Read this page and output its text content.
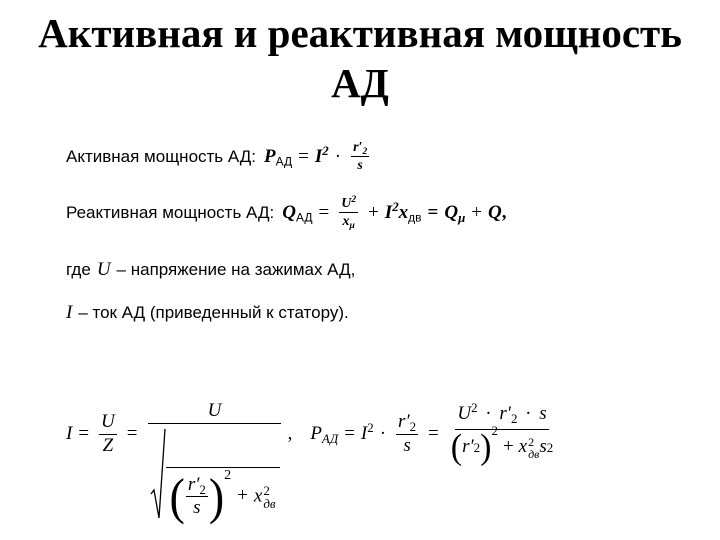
Активная и реактивная мощность
АД
Активная мощность АД: $P_{АД} = I^2 \cdot \frac{r'_2}{s}$
Реактивная мощность АД: $Q_{АД} = \frac{U^2}{x_\mu} + I^2x_{дв} = Q_\mu + Q$,
где U – напряжение на зажимах АД,
I – ток АД (приведенный к статору).
$I = \frac{U}{Z}$ =
U
( $\frac{r'_2}{s}$ ) 2
+ x 2
дв
, $P_{АД} = I^2 \cdot \frac{r'_2}{s} = U^2 \cdot r'_2 \cdot s$
( r ′ 2 ) 2
+ x 2
дв s 2
